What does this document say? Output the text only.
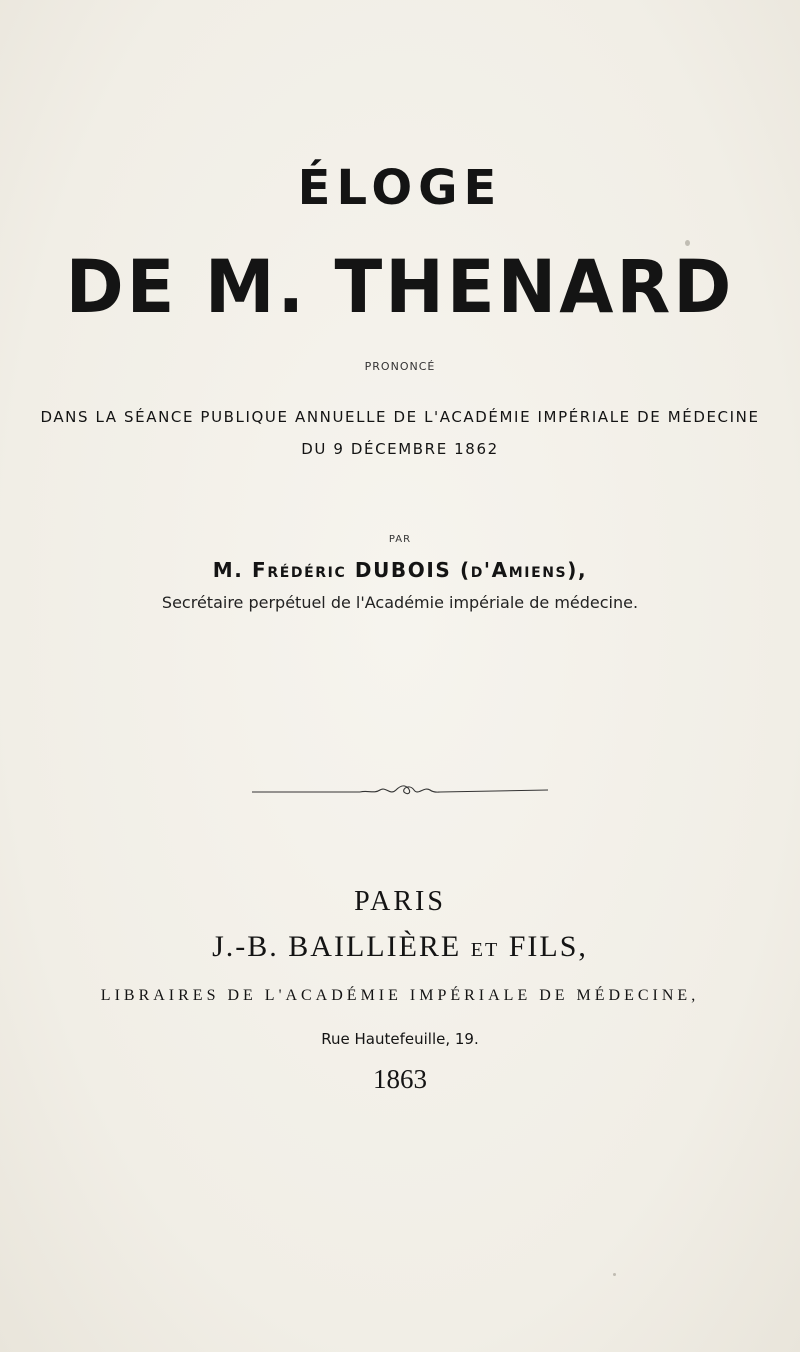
ÉLOGE
DE M. THENARD
PRONONCÉ
DANS LA SÉANCE PUBLIQUE ANNUELLE DE L'ACADÉMIE IMPÉRIALE DE MÉDECINE
DU 9 DÉCEMBRE 1862
PAR
M. Frédéric DUBOIS (d'Amiens),
Secrétaire perpétuel de l'Académie impériale de médecine.
PARIS
J.-B. BAILLIÈRE ET FILS,
LIBRAIRES DE L'ACADÉMIE IMPÉRIALE DE MÉDECINE,
Rue Hautefeuille, 19.
1863
